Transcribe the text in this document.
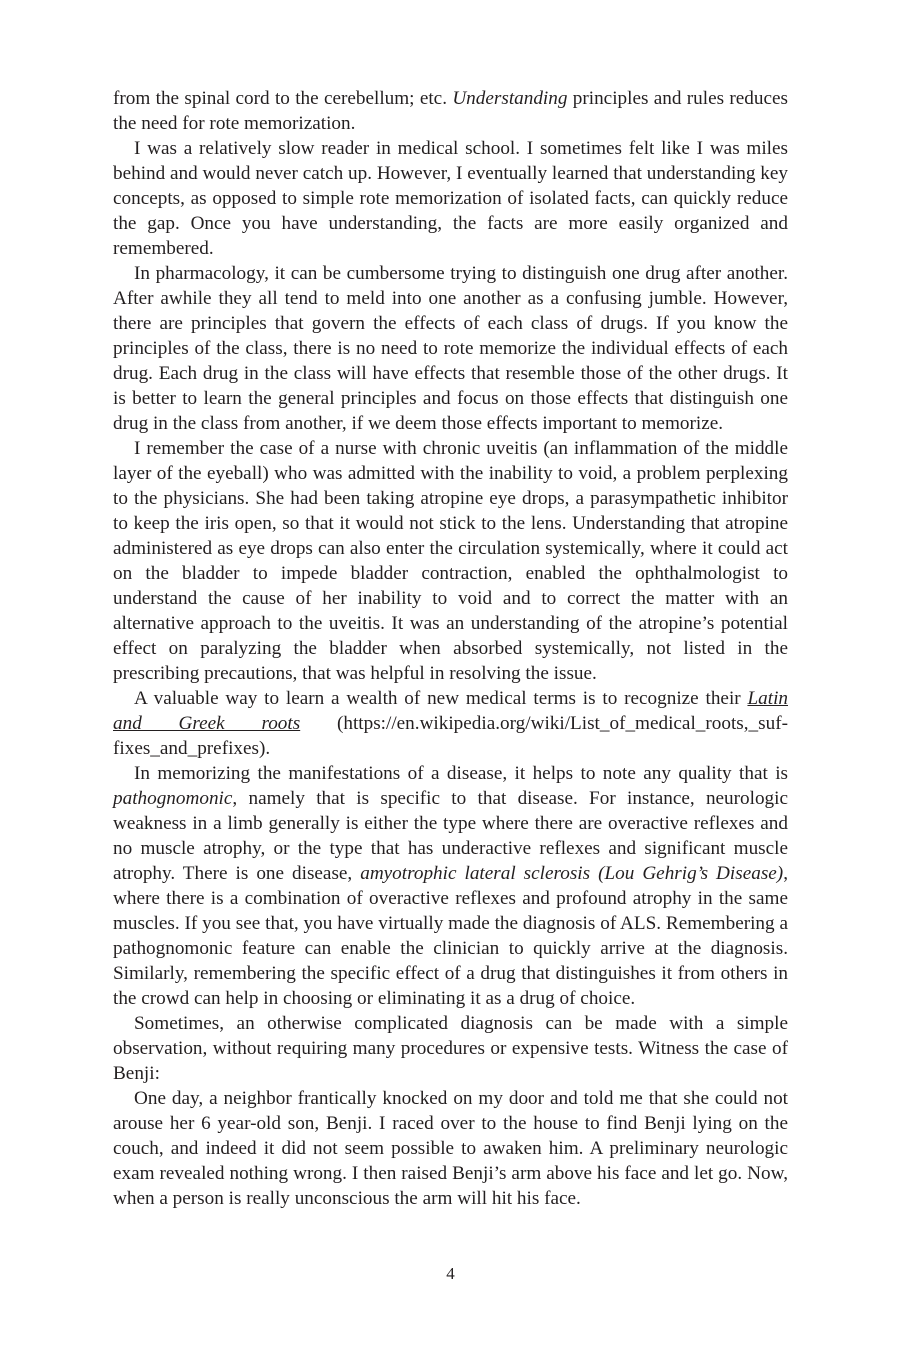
from the spinal cord to the cerebellum; etc. Understanding principles and rules reduces the need for rote memorization.

I was a relatively slow reader in medical school. I sometimes felt like I was miles behind and would never catch up. However, I eventually learned that understanding key concepts, as opposed to simple rote memorization of isolated facts, can quickly reduce the gap. Once you have understanding, the facts are more easily organized and remembered.

In pharmacology, it can be cumbersome trying to distinguish one drug after another. After awhile they all tend to meld into one another as a confusing jumble. However, there are principles that govern the effects of each class of drugs. If you know the principles of the class, there is no need to rote memorize the individual effects of each drug. Each drug in the class will have effects that resemble those of the other drugs. It is better to learn the general principles and focus on those effects that distinguish one drug in the class from another, if we deem those effects important to memorize.

I remember the case of a nurse with chronic uveitis (an inflammation of the middle layer of the eyeball) who was admitted with the inability to void, a problem perplexing to the physicians. She had been taking atropine eye drops, a parasympathetic inhibitor to keep the iris open, so that it would not stick to the lens. Understanding that atropine administered as eye drops can also enter the circulation systemically, where it could act on the bladder to impede bladder contraction, enabled the ophthalmologist to understand the cause of her inability to void and to correct the matter with an alternative approach to the uveitis. It was an understanding of the atropine’s potential effect on paralyzing the bladder when absorbed systemically, not listed in the prescribing precautions, that was helpful in resolving the issue.

A valuable way to learn a wealth of new medical terms is to recognize their Latin and Greek roots (https://en.wikipedia.org/wiki/List_of_medical_roots,_suffixes_and_prefixes).

In memorizing the manifestations of a disease, it helps to note any quality that is pathognomonic, namely that is specific to that disease. For instance, neurologic weakness in a limb generally is either the type where there are overactive reflexes and no muscle atrophy, or the type that has underactive reflexes and significant muscle atrophy. There is one disease, amyotrophic lateral sclerosis (Lou Gehrig’s Disease), where there is a combination of overactive reflexes and profound atrophy in the same muscles. If you see that, you have virtually made the diagnosis of ALS. Remembering a pathognomonic feature can enable the clinician to quickly arrive at the diagnosis. Similarly, remembering the specific effect of a drug that distinguishes it from others in the crowd can help in choosing or eliminating it as a drug of choice.

Sometimes, an otherwise complicated diagnosis can be made with a simple observation, without requiring many procedures or expensive tests. Witness the case of Benji:

One day, a neighbor frantically knocked on my door and told me that she could not arouse her 6 year-old son, Benji. I raced over to the house to find Benji lying on the couch, and indeed it did not seem possible to awaken him. A preliminary neurologic exam revealed nothing wrong. I then raised Benji’s arm above his face and let go. Now, when a person is really unconscious the arm will hit his face.

4
